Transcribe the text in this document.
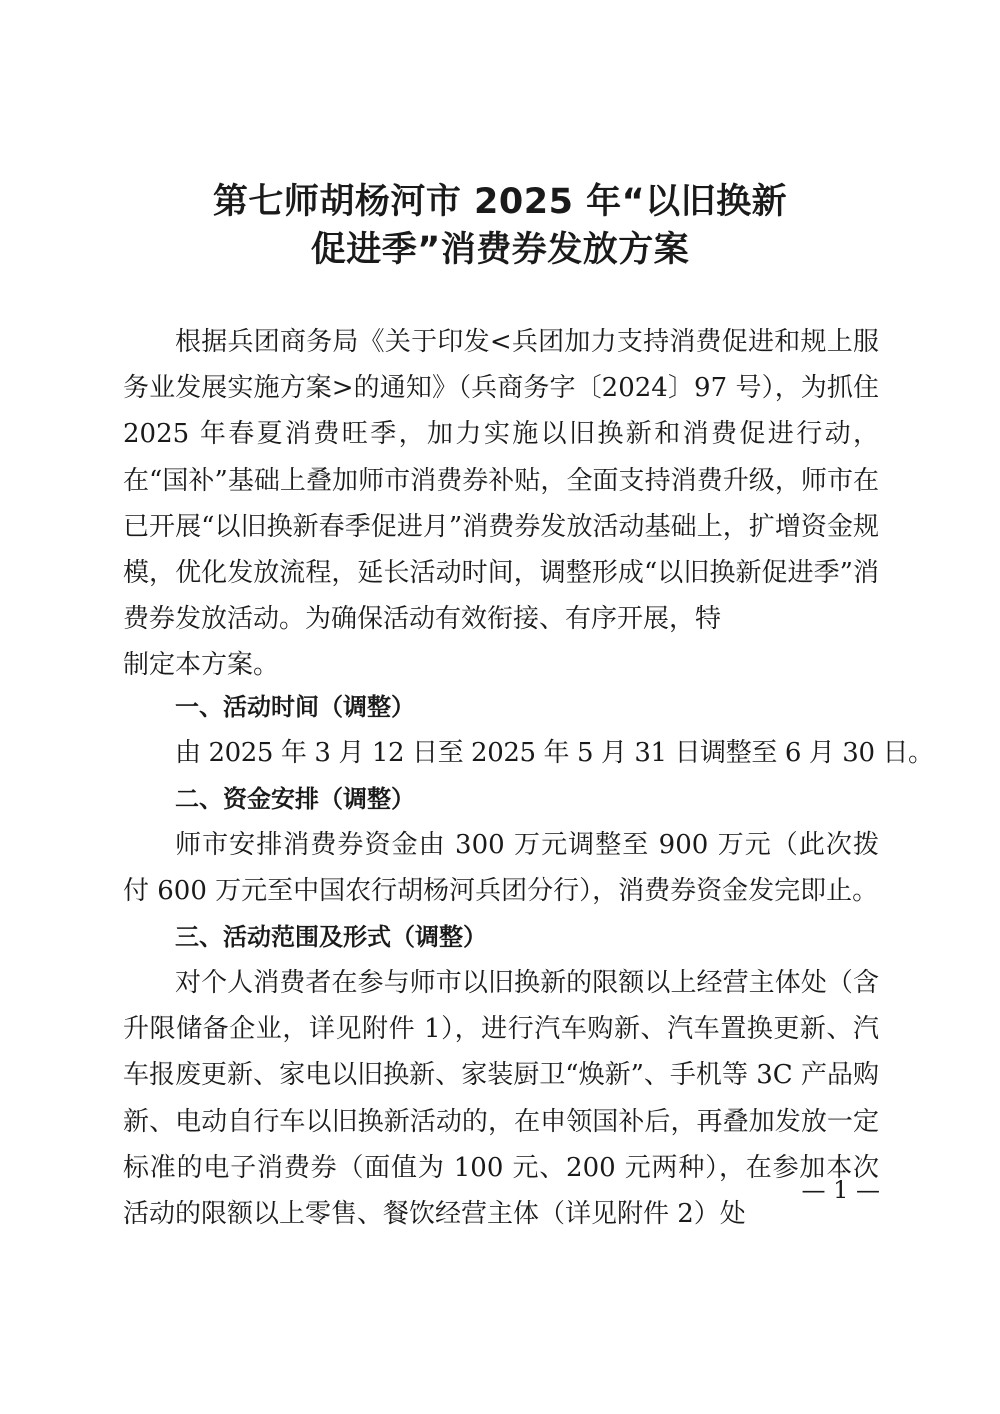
第七师胡杨河市 2025 年“以旧换新
促进季”消费券发放方案
根据兵团商务局《关于印发<兵团加力支持消费促进和规上服务业发展实施方案>的通知》（兵商务字〔2024〕97 号），为抓住 2025 年春夏消费旺季，加力实施以旧换新和消费促进行动，在“国补”基础上叠加师市消费券补贴，全面支持消费升级，师市在已开展“以旧换新春季促进月”消费券发放活动基础上，扩增资金规模，优化发放流程，延长活动时间，调整形成“以旧换新促进季”消费券发放活动。为确保活动有效衔接、有序开展，特
制定本方案。
一、活动时间（调整）
由 2025 年 3 月 12 日至 2025 年 5 月 31 日调整至 6 月 30 日。
二、资金安排（调整）
师市安排消费券资金由 300 万元调整至 900 万元（此次拨付 600 万元至中国农行胡杨河兵团分行），消费券资金发完即止。
三、活动范围及形式（调整）
对个人消费者在参与师市以旧换新的限额以上经营主体处（含升限储备企业，详见附件 1），进行汽车购新、汽车置换更新、汽车报废更新、家电以旧换新、家装厨卫“焕新”、手机等 3C 产品购新、电动自行车以旧换新活动的，在申领国补后，再叠加发放一定标准的电子消费券（面值为 100 元、200 元两种），在参加本次活动的限额以上零售、餐饮经营主体（详见附件 2）处
— 1 —
